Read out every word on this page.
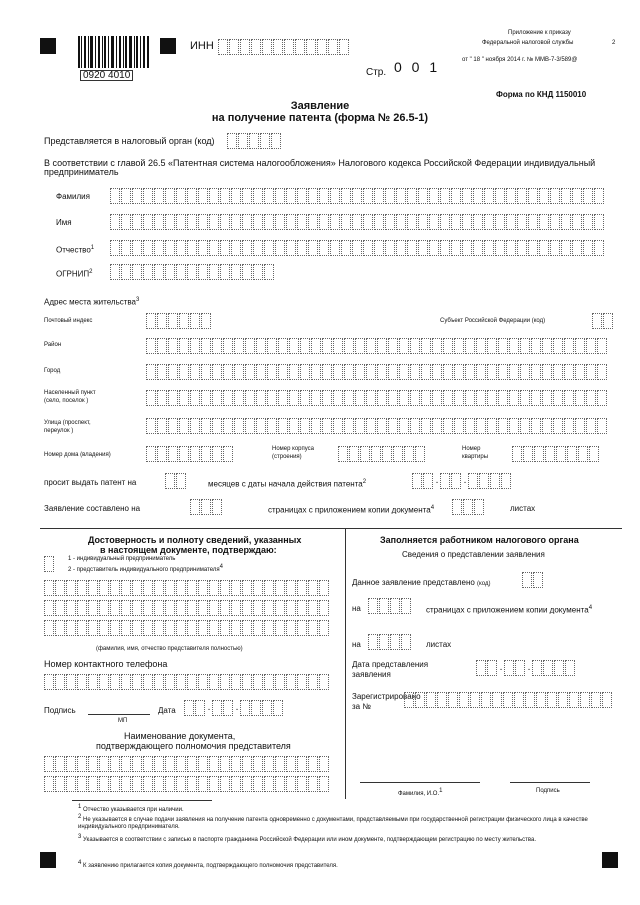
0920 4010
ИНН
Стр. 0 0 1
Приложение к приказу
Федеральной налоговой службы
от " 18 " ноября 2014 г. № ММВ-7-3/589@
2
Форма по КНД 1150010
Заявление
на получение патента (форма № 26.5-1)
Представляется в налоговый орган (код)
В соответствии с главой 26.5 «Патентная система налогообложения» Налогового кодекса Российской Федерации индивидуальный предприниматель
Фамилия
Имя
Отчество$^1$
ОГРНИП$^2$
Адрес места жительства$^3$
Почтовый индекс	Субъект Российской Федерации (код)
Район
Город
Населенный пункт
(село, поселок )
Улица (проспект,
переулок )
Номер дома (владения)
Номер корпуса
(строения)
Номер
квартиры
просит выдать патент на	месяцев с даты начала действия патента$^2$	.	.
Заявление составлено на	страницах с приложением копии документа$^4$	листах
Достоверность и полноту сведений, указанных
в настоящем документе, подтверждаю:
1 - индивидуальный предприниматель
2 - представитель индивидуального предпринимателя$^4$
(фамилия, имя, отчество представителя полностью)
Номер контактного телефона
Подпись
МП
Дата	.	.
Наименование документа,
подтверждающего полномочия представителя
Заполняется работником налогового органа
Сведения о представлении заявления
Данное заявление представлено (код)
на	страницах с приложением копии документа$^4$
на	листах
Дата представления
заявления
.	.
Зарегистрировано
за №
Фамилия, И.О.$^1$	Подпись
$^1$ Отчество указывается при наличии.
$^2$ Не указывается в случае подачи заявления на получение патента одновременно с документами, представляемыми при государственной регистрации физического лица в качестве индивидуального предпринимателя.
$^3$ Указывается в соответствии с записью в паспорте гражданина Российской Федерации или ином документе, подтверждающем регистрацию по месту жительства.
$^4$ К заявлению прилагается копия документа, подтверждающего полномочия представителя.
